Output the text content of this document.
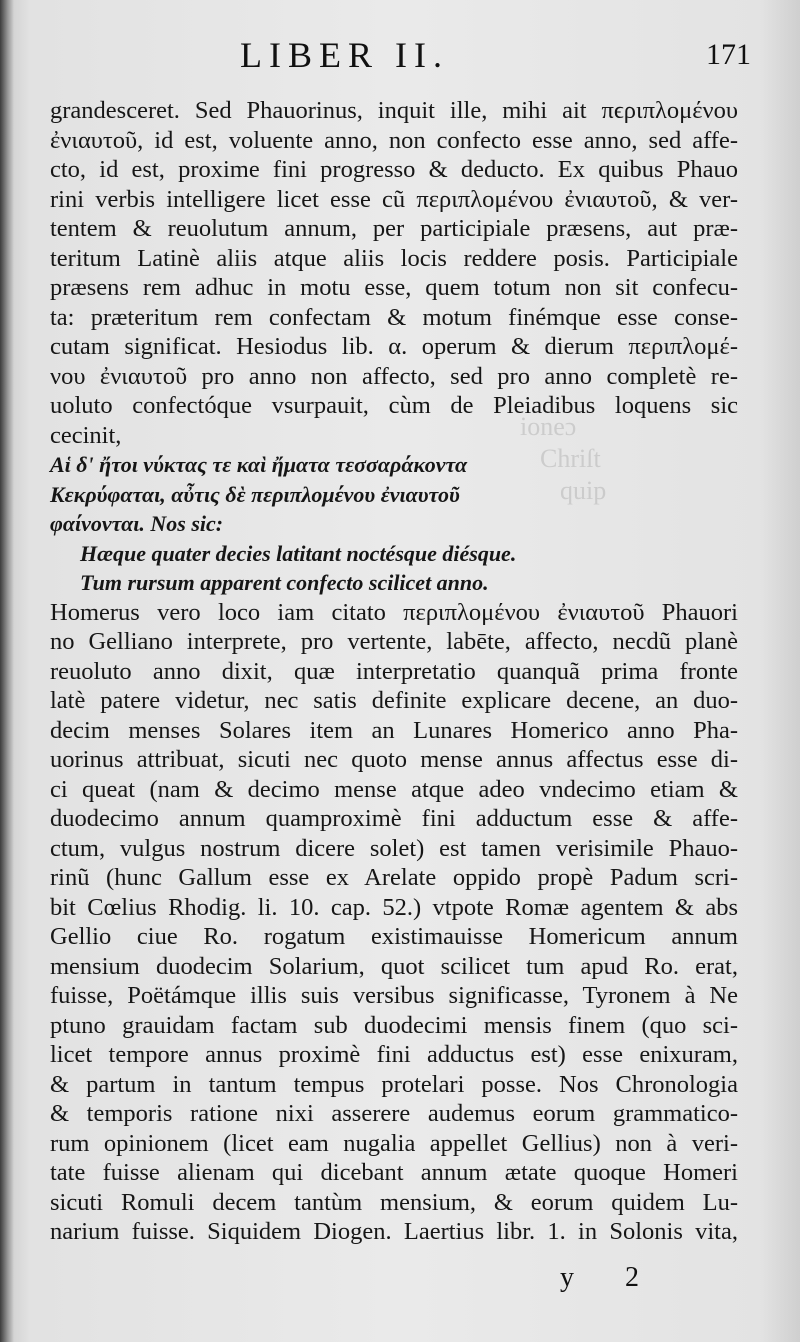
ioneɔ
Chriſt
quip
LIBER II.	171
grandesceret. Sed Phauorinus, inquit ille, mihi ait πϵριπλομένου
ἐνιαυτοῦ, id est, voluente anno, non confecto esse anno, sed affe-
cto, id est, proxime fini progresso & deducto. Ex quibus Phauo
rini verbis intelligere licet esse cũ περιπλομένου ἐνιαυτοῦ, & ver-
tentem & reuolutum annum, per participiale præsens, aut præ-
teritum Latinè aliis atque aliis locis reddere posis. Participiale
præsens rem adhuc in motu esse, quem totum non sit confecu-
ta: præteritum rem confectam & motum finémque esse conse-
cutam significat. Hesiodus lib. α. operum & dierum περιπλομέ-
νου ἐνιαυτοῦ pro anno non affecto, sed pro anno completè re-
uoluto confectóque vsurpauit, cùm de Pleiadibus loquens sic
cecinit,
Αἱ δ' ἤτοι νύκτας τε καὶ ἤματα τεσσαράκοντα
Κεκρύφαται, αὖτις δὲ περιπλομένου ἐνιαυτοῦ
φαίνονται. Nos sic:
Hæque quater decies latitant noctésque diésque.
Tum rursum apparent confecto scilicet anno.
Homerus vero loco iam citato περιπλομένου ἐνιαυτοῦ Phauori
no Gelliano interprete, pro vertente, labēte, affecto, necdũ planè
reuoluto anno dixit, quæ interpretatio quanquã prima fronte
latè patere videtur, nec satis definite explicare decene, an duo-
decim menses Solares item an Lunares Homerico anno Pha-
uorinus attribuat, sicuti nec quoto mense annus affectus esse di-
ci queat (nam & decimo mense atque adeo vndecimo etiam &
duodecimo annum quamproximè fini adductum esse & affe-
ctum, vulgus nostrum dicere solet) est tamen verisimile Phauo-
rinũ (hunc Gallum esse ex Arelate oppido propè Padum scri-
bit Cœlius Rhodig. li. 10. cap. 52.) vtpote Romæ agentem & abs
Gellio ciue Ro. rogatum existimauisse Homericum annum
mensium duodecim Solarium, quot scilicet tum apud Ro. erat,
fuisse, Poëtámque illis suis versibus significasse, Tyronem à Ne
ptuno grauidam factam sub duodecimi mensis finem (quo sci-
licet tempore annus proximè fini adductus est) esse enixuram,
& partum in tantum tempus protelari posse. Nos Chronologia
& temporis ratione nixi asserere audemus eorum grammatico-
rum opinionem (licet eam nugalia appellet Gellius) non à veri-
tate fuisse alienam qui dicebant annum ætate quoque Homeri
sicuti Romuli decem tantùm mensium, & eorum quidem Lu-
narium fuisse. Siquidem Diogen. Laertius libr. 1. in Solonis vita,
y 2
